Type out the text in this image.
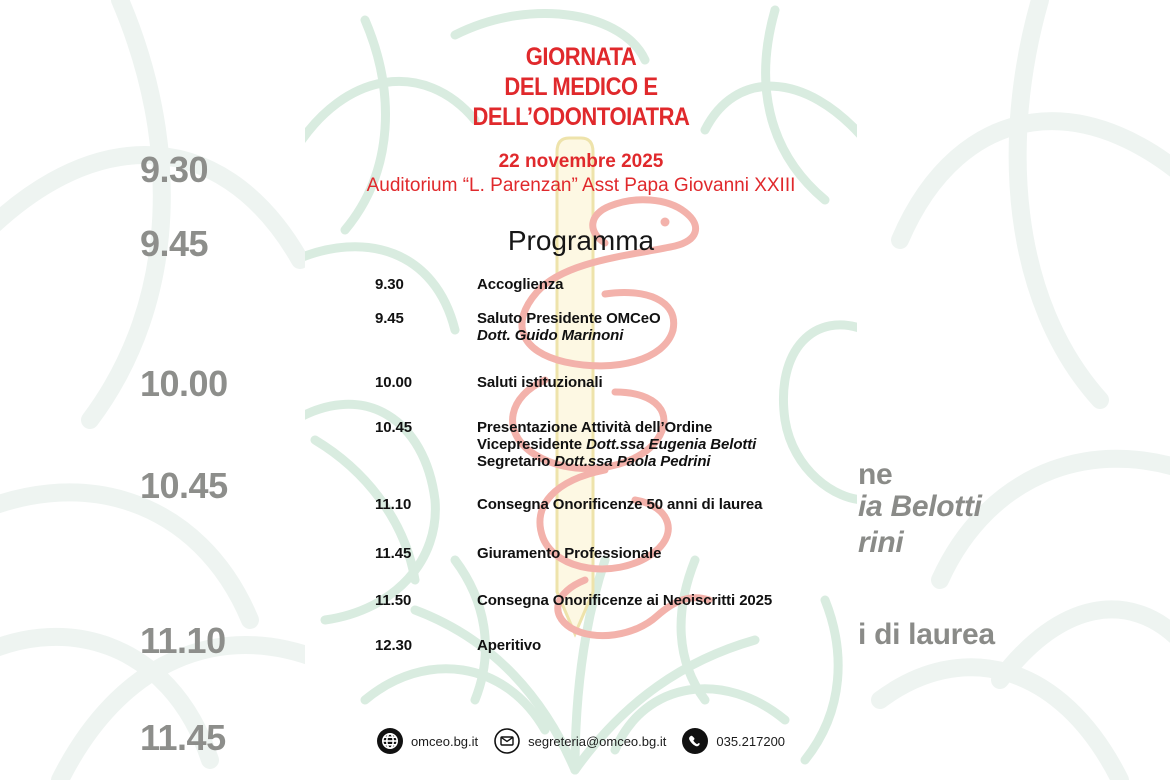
9.30
9.45
10.00
10.45
11.10
11.45
ne
ia Belotti
rini
i di laurea
GIORNATA
DEL MEDICO E
DELL’ODONTOIATRA
22 novembre 2025
Auditorium “L. Parenzan” Asst Papa Giovanni XXIII
Programma
9.30	Accoglienza
9.45	Saluto Presidente OMCeO
Dott. Guido Marinoni
10.00	Saluti istituzionali
10.45	Presentazione Attività dell’Ordine
Vicepresidente Dott.ssa Eugenia Belotti
Segretario Dott.ssa Paola Pedrini
11.10	Consegna Onorificenze 50 anni di laurea
11.45	Giuramento Professionale
11.50	Consegna Onorificenze ai Neoiscritti 2025
12.30	Aperitivo
omceo.bg.it	segreteria@omceo.bg.it	035.217200
